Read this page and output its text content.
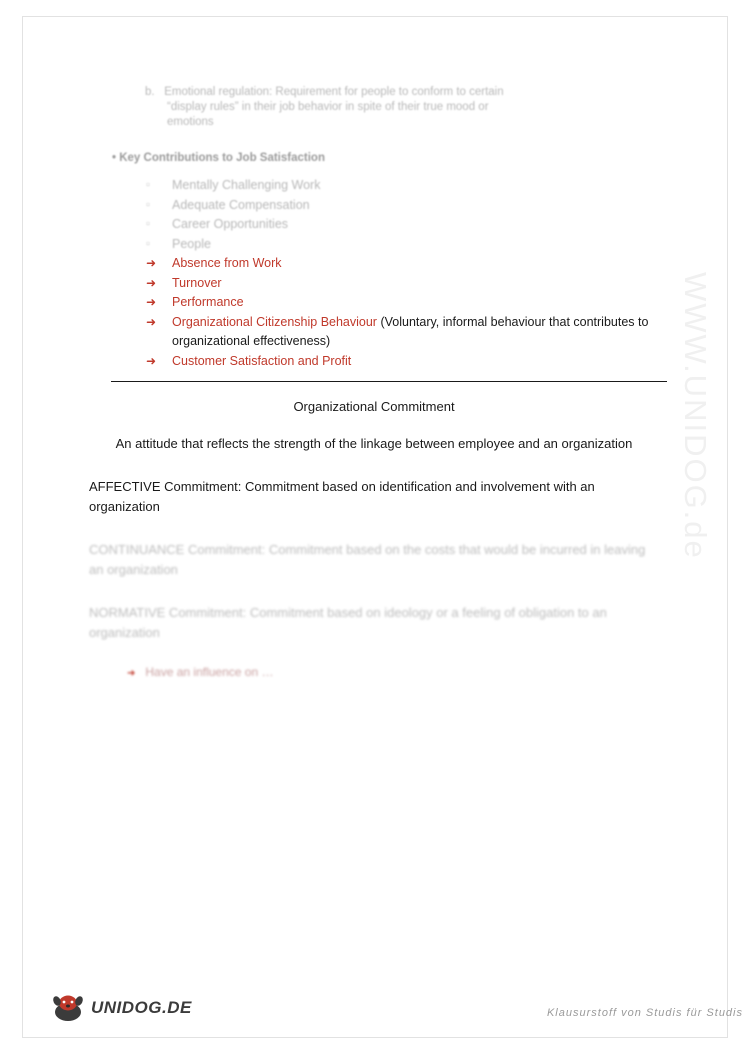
WWW.UNIDOG.de
b. Emotional regulation: Requirement for people to conform to certain
“display rules” in their job behavior in spite of their true mood or
emotions
• Key Contributions to Job Satisfaction
▫	Mentally Challenging Work
▫	Adequate Compensation
▫	Career Opportunities
▫	People
➜	Absence from Work
➜	Turnover
➜	Performance
➜	Organizational Citizenship Behaviour (Voluntary, informal behaviour that contributes to organizational effectiveness)
➜	Customer Satisfaction and Profit
Organizational Commitment
An attitude that reflects the strength of the linkage between employee and an organization
AFFECTIVE Commitment: Commitment based on identification and involvement with an organization
CONTINUANCE Commitment: Commitment based on the costs that would be incurred in leaving an organization
NORMATIVE Commitment: Commitment based on ideology or a feeling of obligation to an organization
➜ Have an influence on …
UNIDOG.DE	Klausurstoff von Studis für Studis
